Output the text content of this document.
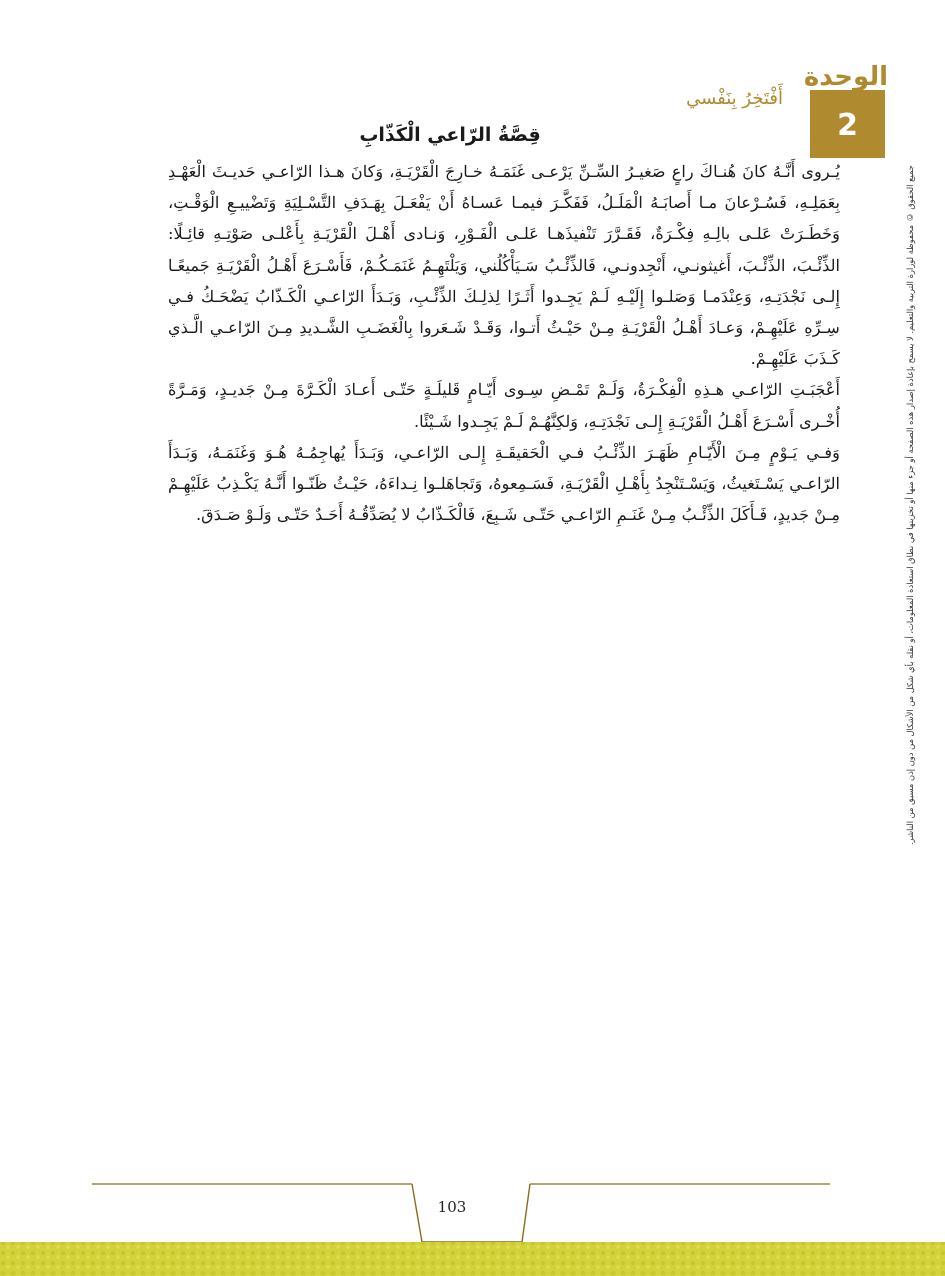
الوحدة
2
أَفْتَخِرُ بِنَفْسي
قِصَّةُ الرّاعي الْكَذّابِ

يُـروى أَنَّـهُ كانَ هُنـاكَ راعٍ صَغيـرُ السِّـنِّ يَرْعـى غَنَمَـهُ خـارِجَ الْقَرْيَـةِ، وَكانَ هـذا الرّاعـي حَديـثَ الْعَهْـدِ بِعَمَلِـهِ، فَسُـرْعانَ مـا أَصابَـهُ الْمَلَـلُ، فَفَكَّـرَ فيمـا عَسـاهُ أَنْ يَفْعَـلَ بِهَـدَفِ التَّسْـلِيَةِ وَتَضْييـعِ الْوَقْـتِ، وَخَطَـرَتْ عَلـى بالِـهِ فِكْـرَةٌ، فَقَـرَّرَ تَنْفيذَهـا عَلـى الْفَـوْرِ، وَنـادى أَهْـلَ الْقَرْيَـةِ بِأَعْلـى صَوْتِـهِ قائِـلًا: الذِّئْـبَ، الذِّئْـبَ، أَغيثونـي، أَنْجِدونـي، فَالذِّئْـبُ سَـيَأْكُلُني، وَيَلْتَهِـمُ غَنَمَـكُـمْ، فَأَسْـرَعَ أَهْـلُ الْقَرْيَـةِ جَميعًـا إِلـى نَجْدَتِـهِ، وَعِنْدَمـا وَصَلـوا إِلَيْـهِ لَـمْ يَجِـدوا أَثَـرًا لِذلِـكَ الذِّئْـبِ، وَبَـدَأَ الرّاعـي الْكَـذّابُ يَضْحَـكُ فـي سِـرِّهِ عَلَيْهِـمْ، وَعـادَ أَهْـلُ الْقَرْيَـةِ مِـنْ حَيْـثُ أَتـوا، وَقَـدْ شَـعَروا بِالْغَضَـبِ الشَّـديدِ مِـنَ الرّاعـي الَّـذي كَـذَبَ عَلَيْهِـمْ.

أَعْجَبَـتِ الرّاعـي هـذِهِ الْفِكْـرَةُ، وَلَـمْ تَمْـضِ سِـوى أَيّـامٍ قَليلَـةٍ حَتّـى أَعـادَ الْكَـرَّةَ مِـنْ جَديـدٍ، وَمَـرَّةً أُخْـرى أَسْـرَعَ أَهْـلُ الْقَرْيَـةِ إِلـى نَجْدَتِـهِ، وَلكِنَّهُـمْ لَـمْ يَجِـدوا شَـيْئًا.

وَفـي يَـوْمٍ مِـنَ الْأَيّـامِ ظَهَـرَ الذِّئْـبُ فـي الْحَقيقَـةِ إِلـى الرّاعـي، وَبَـدَأَ يُهاجِمُـهُ هُـوَ وَغَنَمَـهُ، وَبَـدَأَ الرّاعـي يَسْـتَغيثُ، وَيَسْـتَنْجِدُ بِأَهْـلِ الْقَرْيَـةِ، فَسَـمِعوهُ، وَتَجاهَلـوا نِـداءَهُ، حَيْـثُ ظَنّـوا أَنَّـهُ يَكْـذِبُ عَلَيْهِـمْ مِـنْ جَديدٍ، فَـأَكَلَ الذِّئْـبُ مِـنْ غَنَـمِ الرّاعـي حَتّـى شَـبِعَ، فَالْكَـذّابُ لا يُصَدِّقُـهُ أَحَـدٌ حَتّـى وَلَـوْ صَـدَقَ.	جميع الحقوق © محفوظة لوزارة التربية والتعليم. لا يسمح بإعادة إصدار هذه الصفحة أو جزء منها أو تخزينها في نطاق استعادة المعلومات، أو نقله بأي شكل من الأشكال من دون إذن مسبق من الناشر.
103
